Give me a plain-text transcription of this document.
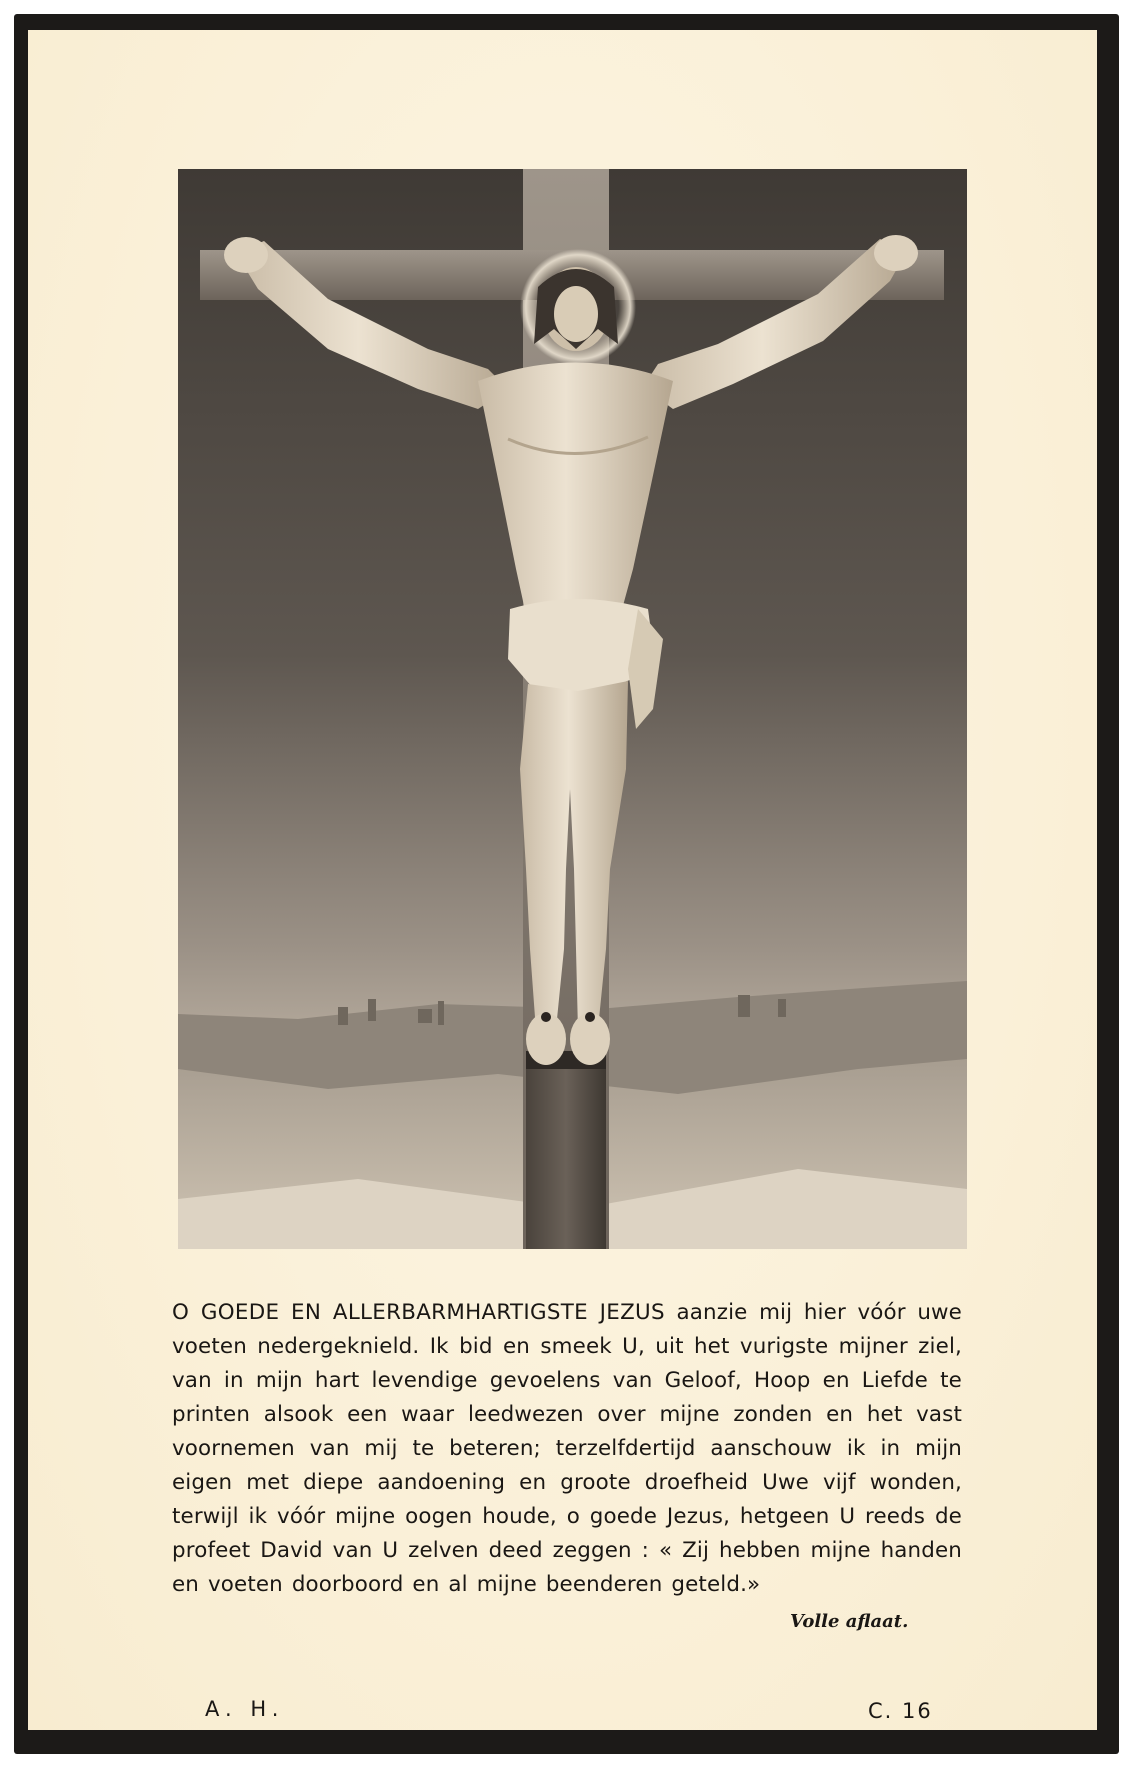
O GOEDE EN ALLERBARMHARTIGSTE JEZUS aanzie mij hier vóór uwe voeten nedergeknield. Ik bid en smeek U, uit het vurigste mijner ziel, van in mijn hart levendige gevoelens van Geloof, Hoop en Liefde te printen alsook een waar leedwezen over mijne zonden en het vast voornemen van mij te beteren; terzelfdertijd aanschouw ik in mijn eigen met diepe aandoening en groote droefheid Uwe vijf wonden, terwijl ik vóór mijne oogen houde, o goede Jezus, hetgeen U reeds de profeet David van U zelven deed zeggen : « Zij hebben mijne handen en voeten doorboord en al mijne beenderen geteld.»
Volle aflaat.
A. H.	C. 16
